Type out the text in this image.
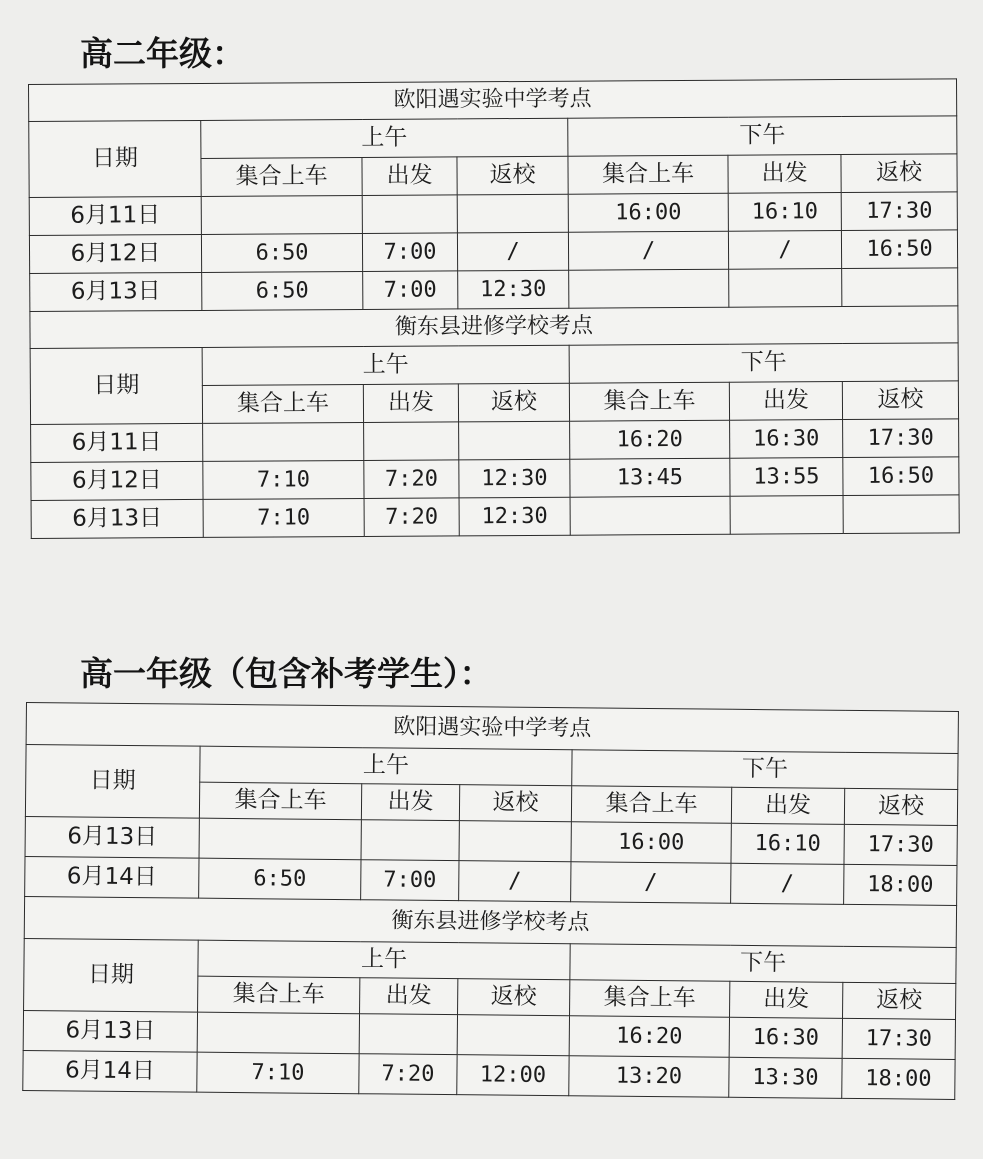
高二年级：
欧阳遇实验中学考点						
日期	上午			下午		
	集合上车	出发	返校	集合上车	出发	返校
6月11日				16:00	16:10	17:30
6月12日	6:50	7:00	/	/	/	16:50
6月13日	6:50	7:00	12:30			
衡东县进修学校考点						
日期	上午			下午		
	集合上车	出发	返校	集合上车	出发	返校
6月11日				16:20	16:30	17:30
6月12日	7:10	7:20	12:30	13:45	13:55	16:50
6月13日	7:10	7:20	12:30			
高一年级（包含补考学生）：
欧阳遇实验中学考点						
日期	上午			下午		
	集合上车	出发	返校	集合上车	出发	返校
6月13日				16:00	16:10	17:30
6月14日	6:50	7:00	/	/	/	18:00
衡东县进修学校考点						
日期	上午			下午		
	集合上车	出发	返校	集合上车	出发	返校
6月13日				16:20	16:30	17:30
6月14日	7:10	7:20	12:00	13:20	13:30	18:00
